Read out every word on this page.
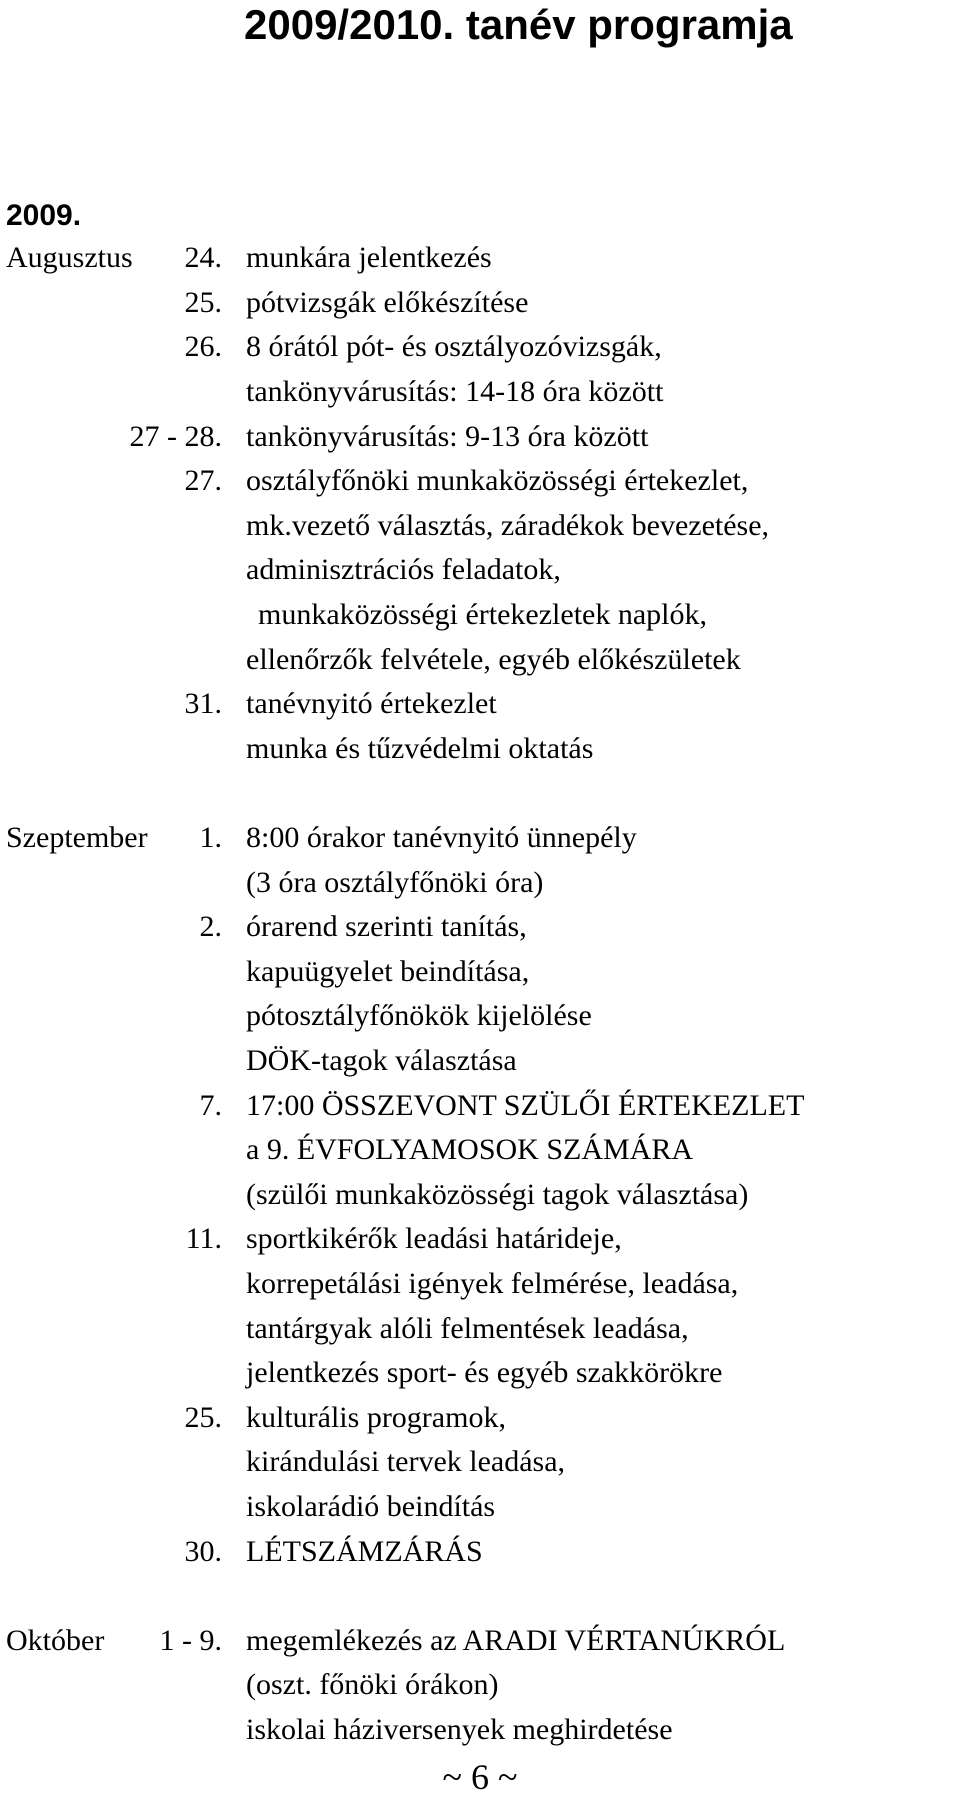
2009/2010. tanév programja
2009.
Augusztus 24. munkára jelentkezés
25. pótvizsgák előkészítése
26. 8 órától pót- és osztályozóvizsgák,
tankönyvárusítás: 14-18 óra között
27 - 28. tankönyvárusítás: 9-13 óra között
27. osztályfőnöki munkaközösségi értekezlet,
mk.vezető választás, záradékok bevezetése,
adminisztrációs feladatok,
munkaközösségi értekezletek naplók,
ellenőrzők felvétele, egyéb előkészületek
31. tanévnyitó értekezlet
munka és tűzvédelmi oktatás
Szeptember 1. 8:00 órakor tanévnyitó ünnepély
(3 óra osztályfőnöki óra)
2. órarend szerinti tanítás,
kapuügyelet beindítása,
pótosztályfőnökök kijelölése
DÖK-tagok választása
7. 17:00 ÖSSZEVONT SZÜLŐI ÉRTEKEZLET
a 9. ÉVFOLYAMOSOK SZÁMÁRA
(szülői munkaközösségi tagok választása)
11. sportkikérők leadási határideje,
korrepetálási igények felmérése, leadása,
tantárgyak alóli felmentések leadása,
jelentkezés sport- és egyéb szakkörökre
25. kulturális programok,
kirándulási tervek leadása,
iskolarádió beindítás
30. LÉTSZÁMZÁRÁS
Október 1 - 9. megemlékezés az ARADI VÉRTANÚKRÓL
(oszt. főnöki órákon)
iskolai háziversenyek meghirdetése
~ 6 ~
